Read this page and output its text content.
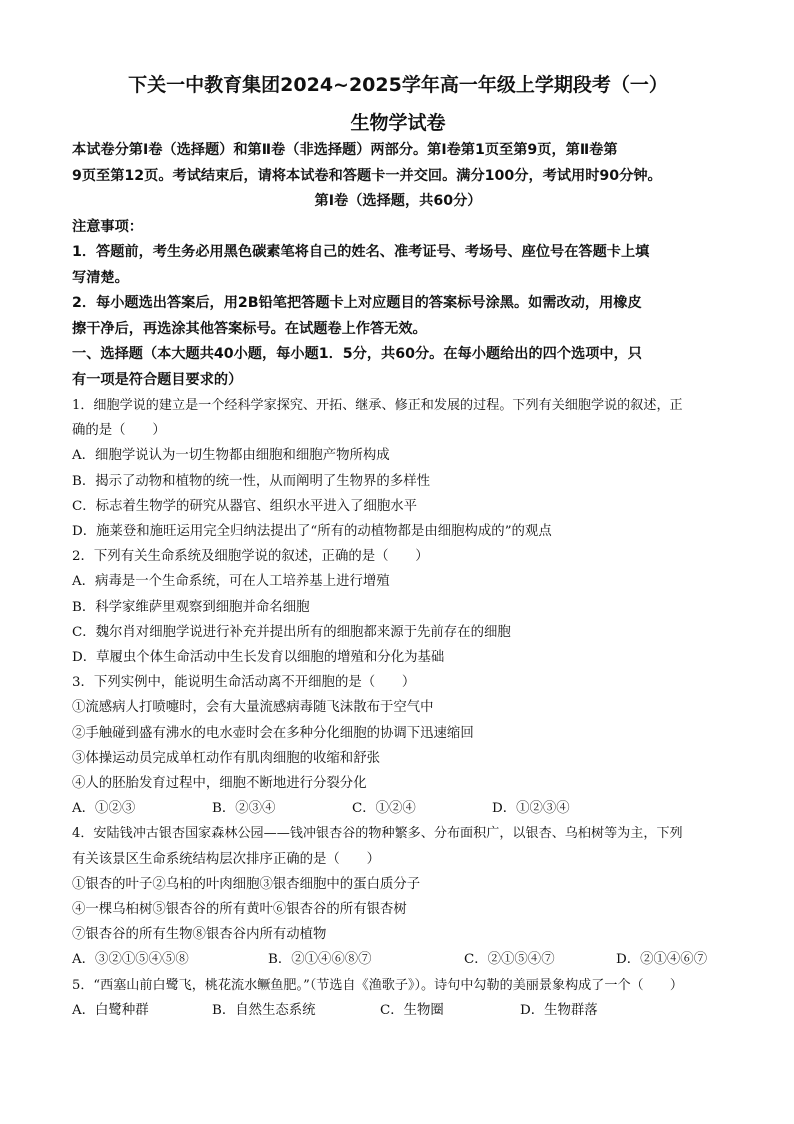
下关一中教育集团2024~2025学年高一年级上学期段考（一）
生物学试卷
本试卷分第Ⅰ卷（选择题）和第Ⅱ卷（非选择题）两部分。第Ⅰ卷第1页至第9页，第Ⅱ卷第
9页至第12页。考试结束后，请将本试卷和答题卡一并交回。满分100分，考试用时90分钟。
第Ⅰ卷（选择题，共60分）
注意事项：
1．答题前，考生务必用黑色碳素笔将自己的姓名、准考证号、考场号、座位号在答题卡上填
写清楚。
2．每小题选出答案后，用2B铅笔把答题卡上对应题目的答案标号涂黑。如需改动，用橡皮
擦干净后，再选涂其他答案标号。在试题卷上作答无效。
一、选择题（本大题共40小题，每小题1．5分，共60分。在每小题给出的四个选项中，只
有一项是符合题目要求的）
1．细胞学说的建立是一个经科学家探究、开拓、继承、修正和发展的过程。下列有关细胞学说的叙述，正
确的是（　　）
A．细胞学说认为一切生物都由细胞和细胞产物所构成
B．揭示了动物和植物的统一性，从而阐明了生物界的多样性
C．标志着生物学的研究从器官、组织水平进入了细胞水平
D．施莱登和施旺运用完全归纳法提出了“所有的动植物都是由细胞构成的”的观点
2．下列有关生命系统及细胞学说的叙述，正确的是（　　）
A．病毒是一个生命系统，可在人工培养基上进行增殖
B．科学家维萨里观察到细胞并命名细胞
C．魏尔肖对细胞学说进行补充并提出所有的细胞都来源于先前存在的细胞
D．草履虫个体生命活动中生长发育以细胞的增殖和分化为基础
3．下列实例中，能说明生命活动离不开细胞的是（　　）
①流感病人打喷嚏时，会有大量流感病毒随飞沫散布于空气中
②手触碰到盛有沸水的电水壶时会在多种分化细胞的协调下迅速缩回
③体操运动员完成单杠动作有肌肉细胞的收缩和舒张
④人的胚胎发育过程中，细胞不断地进行分裂分化
A．①②③	B．②③④	C．①②④	D．①②③④
4．安陆钱冲古银杏国家森林公园——钱冲银杏谷的物种繁多、分布面积广，以银杏、乌桕树等为主，下列
有关该景区生命系统结构层次排序正确的是（　　）
①银杏的叶子②乌桕的叶肉细胞③银杏细胞中的蛋白质分子
④一棵乌桕树⑤银杏谷的所有黄叶⑥银杏谷的所有银杏树
⑦银杏谷的所有生物⑧银杏谷内所有动植物
A．③②①⑤④⑤⑧	B．②①④⑥⑧⑦	C．②①⑤④⑦	D．②①④⑥⑦
5．“西塞山前白鹭飞，桃花流水鳜鱼肥。”（节选自《渔歌子》）。诗句中勾勒的美丽景象构成了一个（　　）
A．白鹭种群	B．自然生态系统	C．生物圈	D．生物群落
